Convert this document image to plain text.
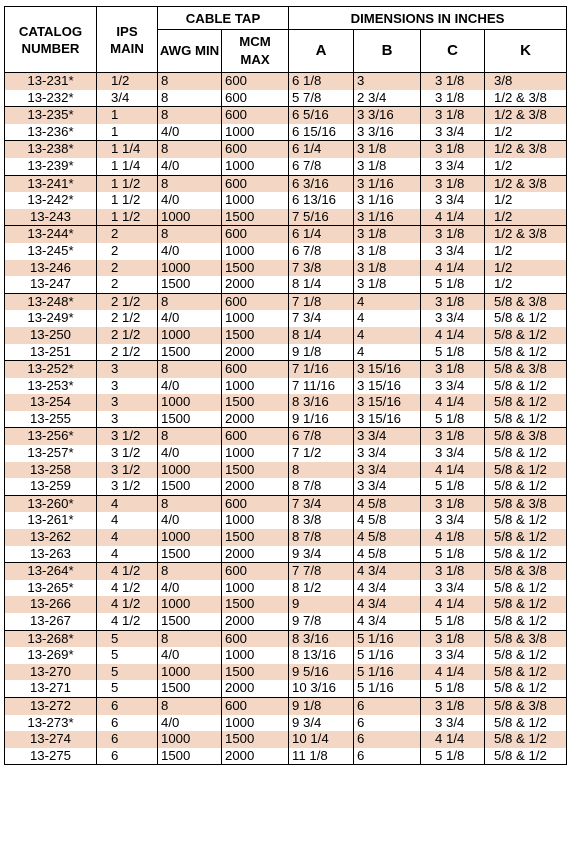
CATALOG NUMBER	IPS MAIN	CABLE TAP		DIMENSIONS IN INCHES			
		AWG MIN	MCM MAX	A	B	C	K
13-231*	1/2	8	600	6 1/8	3	3 1/8	3/8
13-232*	3/4	8	600	5 7/8	2 3/4	3 1/8	1/2 & 3/8
13-235*	1	8	600	6 5/16	3 3/16	3 1/8	1/2 & 3/8
13-236*	1	4/0	1000	6 15/16	3 3/16	3 3/4	1/2
13-238*	1 1/4	8	600	6 1/4	3 1/8	3 1/8	1/2 & 3/8
13-239*	1 1/4	4/0	1000	6 7/8	3 1/8	3 3/4	1/2
13-241*	1 1/2	8	600	6 3/16	3 1/16	3 1/8	1/2 & 3/8
13-242*	1 1/2	4/0	1000	6 13/16	3 1/16	3 3/4	1/2
13-243	1 1/2	1000	1500	7 5/16	3 1/16	4 1/4	1/2
13-244*	2	8	600	6 1/4	3 1/8	3 1/8	1/2 & 3/8
13-245*	2	4/0	1000	6 7/8	3 1/8	3 3/4	1/2
13-246	2	1000	1500	7 3/8	3 1/8	4 1/4	1/2
13-247	2	1500	2000	8 1/4	3 1/8	5 1/8	1/2
13-248*	2 1/2	8	600	7 1/8	4	3 1/8	5/8 & 3/8
13-249*	2 1/2	4/0	1000	7 3/4	4	3 3/4	5/8 & 1/2
13-250	2 1/2	1000	1500	8 1/4	4	4 1/4	5/8 & 1/2
13-251	2 1/2	1500	2000	9 1/8	4	5 1/8	5/8 & 1/2
13-252*	3	8	600	7 1/16	3 15/16	3 1/8	5/8 & 3/8
13-253*	3	4/0	1000	7 11/16	3 15/16	3 3/4	5/8 & 1/2
13-254	3	1000	1500	8 3/16	3 15/16	4 1/4	5/8 & 1/2
13-255	3	1500	2000	9 1/16	3 15/16	5 1/8	5/8 & 1/2
13-256*	3 1/2	8	600	6 7/8	3 3/4	3 1/8	5/8 & 3/8
13-257*	3 1/2	4/0	1000	7 1/2	3 3/4	3 3/4	5/8 & 1/2
13-258	3 1/2	1000	1500	8	3 3/4	4 1/4	5/8 & 1/2
13-259	3 1/2	1500	2000	8 7/8	3 3/4	5 1/8	5/8 & 1/2
13-260*	4	8	600	7 3/4	4 5/8	3 1/8	5/8 & 3/8
13-261*	4	4/0	1000	8 3/8	4 5/8	3 3/4	5/8 & 1/2
13-262	4	1000	1500	8 7/8	4 5/8	4 1/8	5/8 & 1/2
13-263	4	1500	2000	9 3/4	4 5/8	5 1/8	5/8 & 1/2
13-264*	4 1/2	8	600	7 7/8	4 3/4	3 1/8	5/8 & 3/8
13-265*	4 1/2	4/0	1000	8 1/2	4 3/4	3 3/4	5/8 & 1/2
13-266	4 1/2	1000	1500	9	4 3/4	4 1/4	5/8 & 1/2
13-267	4 1/2	1500	2000	9 7/8	4 3/4	5 1/8	5/8 & 1/2
13-268*	5	8	600	8 3/16	5 1/16	3 1/8	5/8 & 3/8
13-269*	5	4/0	1000	8 13/16	5 1/16	3 3/4	5/8 & 1/2
13-270	5	1000	1500	9 5/16	5 1/16	4 1/4	5/8 & 1/2
13-271	5	1500	2000	10 3/16	5 1/16	5 1/8	5/8 & 1/2
13-272	6	8	600	9 1/8	6	3 1/8	5/8 & 3/8
13-273*	6	4/0	1000	9 3/4	6	3 3/4	5/8 & 1/2
13-274	6	1000	1500	10 1/4	6	4 1/4	5/8 & 1/2
13-275	6	1500	2000	11 1/8	6	5 1/8	5/8 & 1/2
